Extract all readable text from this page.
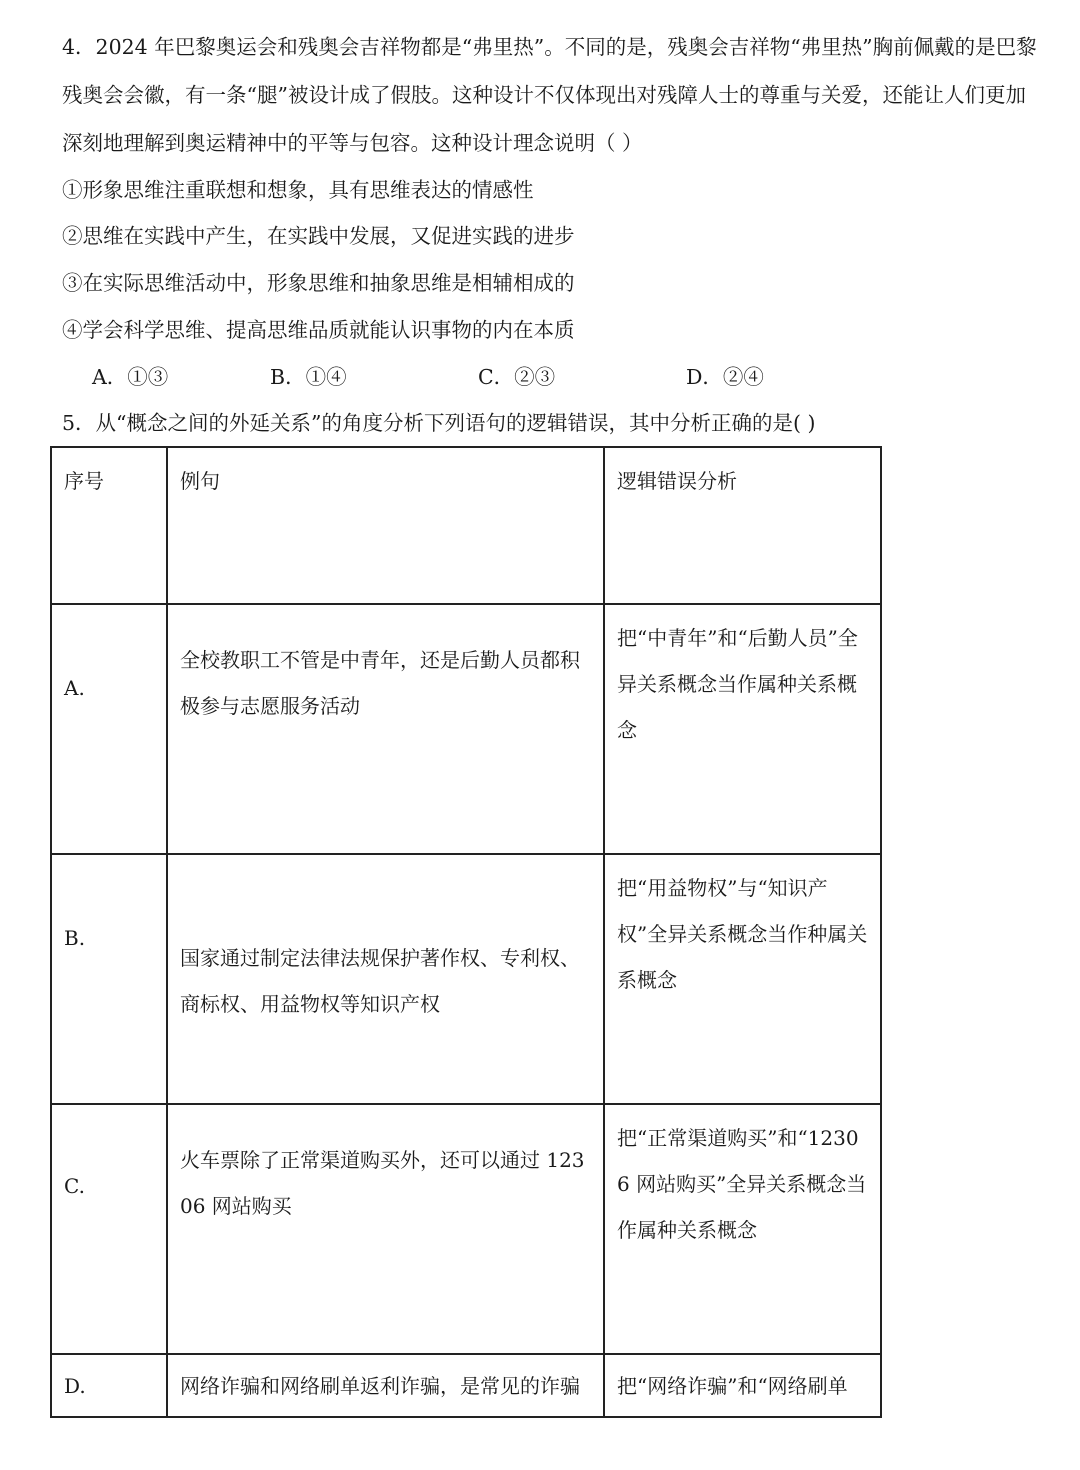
4．2024 年巴黎奥运会和残奥会吉祥物都是“弗里热”。不同的是，残奥会吉祥物“弗里热”胸前佩戴的是巴黎
残奥会会徽，有一条“腿”被设计成了假肢。这种设计不仅体现出对残障人士的尊重与关爱，还能让人们更加
深刻地理解到奥运精神中的平等与包容。这种设计理念说明（ ）
①形象思维注重联想和想象，具有思维表达的情感性
②思维在实践中产生，在实践中发展，又促进实践的进步
③在实际思维活动中，形象思维和抽象思维是相辅相成的
④学会科学思维、提高思维品质就能认识事物的内在本质
A．①③	B．①④	C．②③	D．②④
5．从“概念之间的外延关系”的角度分析下列语句的逻辑错误，其中分析正确的是( )
序号	例句	逻辑错误分析

A.	全校教职工不管是中青年，还是后勤人员都积极参与志愿服务活动	把“中青年”和“后勤人员”全异关系概念当作属种关系概念

B.	国家通过制定法律法规保护著作权、专利权、商标权、用益物权等知识产权	把“用益物权”与“知识产权”全异关系概念当作种属关系概念

C.	火车票除了正常渠道购买外，还可以通过 12306 网站购买	把“正常渠道购买”和“12306 网站购买”全异关系概念当作属种关系概念

D.	网络诈骗和网络刷单返利诈骗，是常见的诈骗	把“网络诈骗”和“网络刷单
